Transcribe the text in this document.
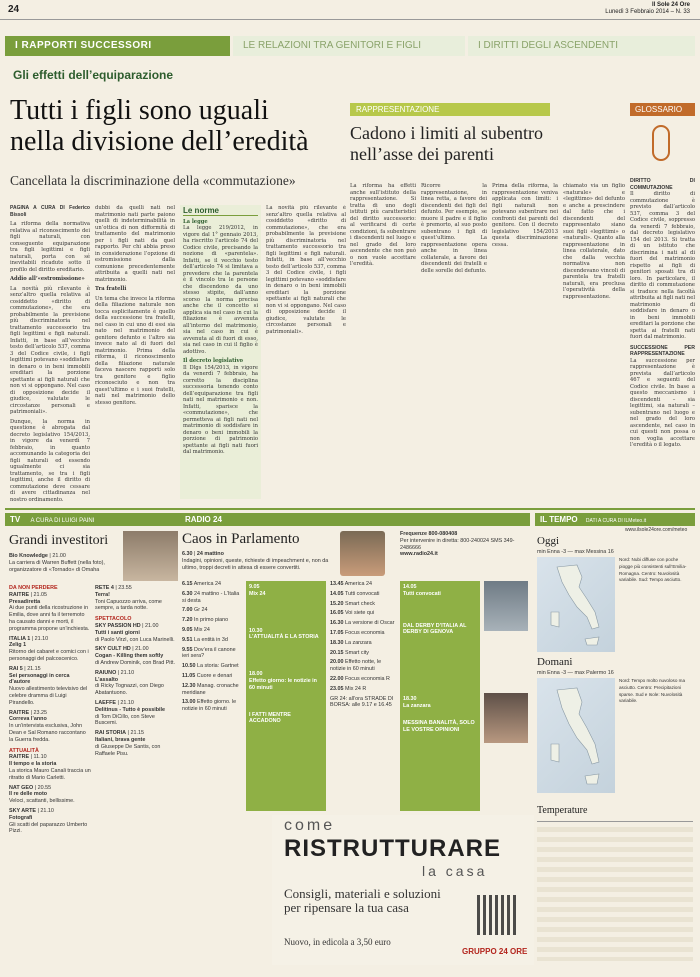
24	Il Sole 24 Ore
Lunedì 3 Febbraio 2014 – N. 33
I RAPPORTI SUCCESSORI	LE RELAZIONI TRA GENITORI E FIGLI	I DIRITTI DEGLI ASCENDENTI
Gli effetti dell’equiparazione
Tutti i figli sono uguali nella divisione dell’eredità
Cancellata la discriminazione della «commutazione»
PAGINA A CURA DI Federico Bissoli
La riforma della normativa relativa al riconoscimento dei figli naturali, con conseguente equiparazione tra figli legittimi e figli naturali, porta con sé inevitabili ricadute sotto il profilo del diritto ereditario.
Addio all’«estromissione»
La novità più rilevante è senz’altro quella relativa al cosiddetto «diritto di commutazione», che era probabilmente la previsione più discriminatoria nel trattamento successorio tra figli legittimi e figli naturali. Infatti, in base all’vecchio testo dell’articolo 537, comma 3 del Codice civile, i figli legittimi potevano «soddisfare in denaro o in beni immobili ereditari la porzione spettante ai figli naturali che non vi si oppongano. Nel caso di opposizione decide il giudice, valutate le circostanze personali e patrimoniali».
Dunque, la norma in questione è abrogata dal decreto legislativo 154/2013, in vigore da venerdì 7 febbraio, in quanto accomunando la categoria dei figli naturali ed essendo ugualmente ci sia trattamento, se tra i figli legittimi, anche il diritto di commutazione deve cessare di avere cittadinanza nel nostro ordinamento.
dubbi da quelli nati nel matrimonio nati parte paiono quelli di indeterminabilità in un’ottica di non difformità di trattamento del matrimonio per i figli nati da quel rapporto. Per chi abbia preso in considerazione l’opzione di estromissione dalla comunione precedentemente attribuita a quelli nati nel matrimonio.
Tra fratelli
Un tema che invece la riforma della filiazione naturale non tocca esplicitamente è quello della successione tra fratelli, nel caso in cui uno di essi sia nato nel matrimonio del genitore defunto e l’altro sia invece nato al di fuori del matrimonio. Prima della riforma, il riconoscimento della filiazione naturale faceva nascere rapporti solo tra genitore e figlio riconosciuto e non tra quest’ultimo e i suoi fratelli, nati nel matrimonio dello stesso genitore.
Le norme
La legge
La legge 219/2012, in vigore dal 1° gennaio 2013, ha riscritto l’articolo 74 del Codice civile, precisando la nozione di «parentela». Infatti, se il vecchio testo dell’articolo 74 si limitava a prevedere che la parentela è il vincolo tra le persone che discendono da uno stesso stipite, dall’anno scorso la norma precisa anche che il concetto si applica sia nel caso in cui la filiazione è avvenuta all’interno del matrimonio, sia nel caso in cui è avvenuta al di fuori di esso, sia nel caso in cui il figlio è adottivo.
Il decreto legislativo
Il Dlgs 154/2013, in vigore da venerdì 7 febbraio, ha corretto la disciplina successoria tenendo conto dell’equiparazione tra figli nati nel matrimonio e non. Infatti, sparisce la «commutazione», che permetteva ai figli nati nel matrimonio di soddisfare in denaro o beni immobili la porzione di patrimonio spettante ai figli nati fuori dal matrimonio.
La novità più rilevante è senz’altro quella relativa al cosiddetto «diritto di commutazione», che era probabilmente la previsione più discriminatoria nel trattamento successorio tra figli legittimi e figli naturali. Infatti, in base all’vecchio testo dell’articolo 537, comma 3 del Codice civile, i figli legittimi potevano «soddisfare in denaro o in beni immobili ereditari la porzione spettante ai figli naturali che non vi si oppongano. Nel caso di opposizione decide il giudice, valutate le circostanze personali e patrimoniali».
RAPPRESENTAZIONE
Cadono i limiti al subentro nell’asse dei parenti
La riforma ha effetti anche sull’istituto della rappresentazione. Si tratta di uno degli istituti più caratteristici del diritto successorio: al verificarsi di certe condizioni, fa subentrare i discendenti nel luogo e nel grado del loro ascendente che non può o non vuole accettare l’eredità.
Ricorre la rappresentazione, in linea retta, a favore dei discendenti dei figli del defunto. Per esempio, se muore il padre e il figlio è premorto, al suo posto subentrano i figli di quest’ultimo. La rappresentazione opera anche in linea collaterale, a favore dei discendenti dei fratelli e delle sorelle del defunto.
Prima della riforma, la rappresentazione veniva applicata con limiti: i figli naturali non potevano subentrare nei confronti dei parenti del genitore. Con il decreto legislativo 154/2013 questa discriminazione cessa.
chiamato via un figlio «naturale» e «legittimo» del defunto e anche a prescindere dal fatto che i discendenti del rappresentato siano suoi figli «legittimi» o «naturali». Quanto alla rappresentazione in linea collaterale, dato che dalla vecchia normativa non discendevano vincoli di parentela tra fratelli naturali, era preclusa l’operatività della rappresentazione.
GLOSSARIO
DIRITTO DI COMMUTAZIONE
Il diritto di commutazione è previsto dall’articolo 537, comma 3 del Codice civile, soppresso da venerdì 7 febbraio, dal decreto legislativo 154 del 2013. Si tratta di un istituto che discrimina i nati al di fuori del matrimonio rispetto ai figli di genitori sposati tra di loro. In particolare, il diritto di commutazione si traduce nella facoltà attribuita ai figli nati nel matrimonio di soddisfare in denaro o in beni immobili ereditari la porzione che spetta ai fratelli nati fuori dal matrimonio.
SUCCESSIONE PER RAPPRESENTAZIONE
La successione per rappresentazione è prevista dall’articolo 467 e seguenti del Codice civile. In base a questo meccanismo i discendenti – sia legittimi, sia naturali – subentrano nel luogo e nel grado del loro ascendente, nel caso in cui questi non possa o non voglia accettare l’eredità o il legato.
TV A CURA DI LUIGI PAINI
Grandi investitori
Bio Knowledge | 21.00
La carriera di Warren Buffett (nella foto), organizzatore di «Tornado» di Omaha
DA NON PERDERE
RAITRE | 21.05
Presadiretta
Ai due punti della ricostruzione in Emilia, dove anni fa il terremoto ha causato danni e morti, il programma propone un’inchiesta.
ITALIA 1 | 21.10
Zelig 1
Ritorno dei cabaret e comici con i personaggi del palcoscenico.
RAI 5 | 21.15
Sei personaggi in cerca d’autore
Nuovo allestimento televisivo del celebre dramma di Luigi Pirandello.
RAITRE | 23.25
Correva l’anno
In un’intervista esclusiva, John Dean e Sal Romano raccontano la Guerra fredda.
ATTUALITÀ
RAITRE | 11.10
Il tempo e la storia
La storica Mauro Canali traccia un ritratto di Mario Carletti.
NAT GEO | 20.55
Il re delle moto
Veloci, scattanti, bellissime.
SKY ARTE | 21.10
Fotografi
Gli scatti del paparazzo Umberto Pizzi.
RETE 4 | 23.55
Terra!
Toni Capuozzo arriva, come sempre, a tarda notte.
SPETTACOLO
SKY PASSION HD | 21.00
Tutti i santi giorni
di Paolo Virzì, con Luca Marinelli.
SKY CULT HD | 21.00
Cogan - Killing them softly
di Andrew Dominik, con Brad Pitt.
RAIUNO | 21.10
L’assalto
di Ricky Tognazzi, con Diego Abatantuono.
LAEFFE | 21.10
Delitinus - Tutto è possibile
di Tom DiCillo, con Steve Buscemi.
RAI STORIA | 21.15
Italiani, brava gente
di Giuseppe De Santis, con Raffaele Pisu.
RADIO 24
Caos in Parlamento
6.30 | 24 mattino
Indagini, opinioni, queste, richieste di impeachment e, non da ultimo, troppi decreti in attesa di essere convertiti.
6.15 America 24
6.30 24 mattino - L’Italia si desta
7.00 Gr 24
7.20 In primo piano
9.05 Mix 24
9.51 La entità in 3d
9.55 Dov’era il canone ieri sera?
10.50 La storia: Gartnet
11.05 Cuore e denari
12.30 Manag. cronache meridiane
13.00 Effetto giorno. le notizie in 60 minuti
9.05
Mix 24
10.30
L’ATTUALITÀ E LA STORIA
18.00
Effetto giorno: le notizie in 60 minuti
I FATTI MENTRE ACCADONO
13.45 America 24
14.05 Tutti convocati
15.20 Smart check
16.05 Voi siete qui
16.30 La versione di Oscar
17.05 Focus economia
18.30 La zanzara
20.15 Smart city
20.00 Effetto notte, le notizie in 60 minuti
22.00 Focus economia R
23.05 Mix 24 R
GR 24: all’ora STRADE DI BORSA: alle 9.17 e 16.45
Frequenze 800-080408
Per intervenire in diretta: 800-240024 SMS 349-2486666
www.radio24.it
14.05
Tutti convocati
DAL DERBY D’ITALIA AL DERBY DI GENOVA
18.30
La zanzara
MESSINA BANALITÀ, SOLO LE VOSTRE OPINIONI
come
RISTRUTTURARE
la casa
Consigli, materiali e soluzioni per ripensare la tua casa
Nuovo, in edicola a 3,50 euro
GRUPPO 24 ORE
IL TEMPO DATI A CURA DI ILMeteo.it
www.ilsole24ore.com/meteo
Oggi
min Enna -3 — max Messina 16
Nord: Nubi diffuse con poche piogge più consistenti sull’Emilia-Romagna. Centro: Nuvolosità variabile. Sud: Tempo asciutto.
Domani
min Enna -3 — max Palermo 16
Nord: Tempo molto nuvoloso ma asciutto. Centro: Precipitazioni sparse. Sud e Isole: Nuvolosità variabile.
Temperature
